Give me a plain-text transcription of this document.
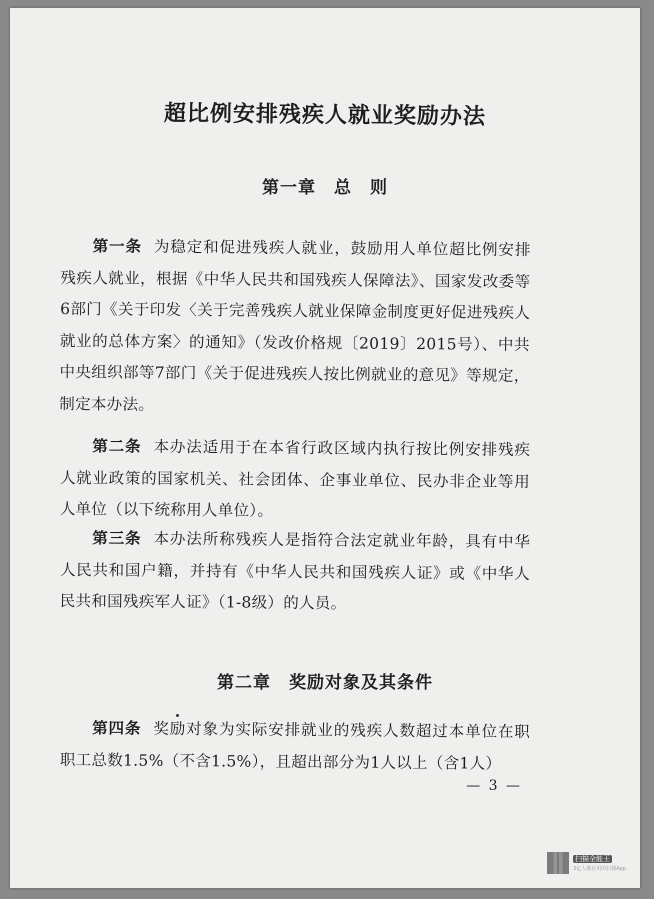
超比例安排残疾人就业奖励办法
第一章　总　则
第一条 为稳定和促进残疾人就业，鼓励用人单位超比例安排残疾人就业，根据《中华人民共和国残疾人保障法》、国家发改委等6部门《关于印发〈关于完善残疾人就业保障金制度更好促进残疾人就业的总体方案〉的通知》（发改价格规〔2019〕2015号）、中共中央组织部等7部门《关于促进残疾人按比例就业的意见》等规定，制定本办法。
第二条 本办法适用于在本省行政区域内执行按比例安排残疾人就业政策的国家机关、社会团体、企事业单位、民办非企业等用人单位（以下统称用人单位）。
第三条 本办法所称残疾人是指符合法定就业年龄，具有中华人民共和国户籍，并持有《中华人民共和国残疾人证》或《中华人民共和国残疾军人证》（1-8级）的人员。
第二章　奖励对象及其条件
第四条 奖励对象为实际安排就业的残疾人数超过本单位在职职工总数1.5%（不含1.5%），且超出部分为1人以上（含1人）
— 3 —
扫描全能王
3亿人都在用的扫描App
